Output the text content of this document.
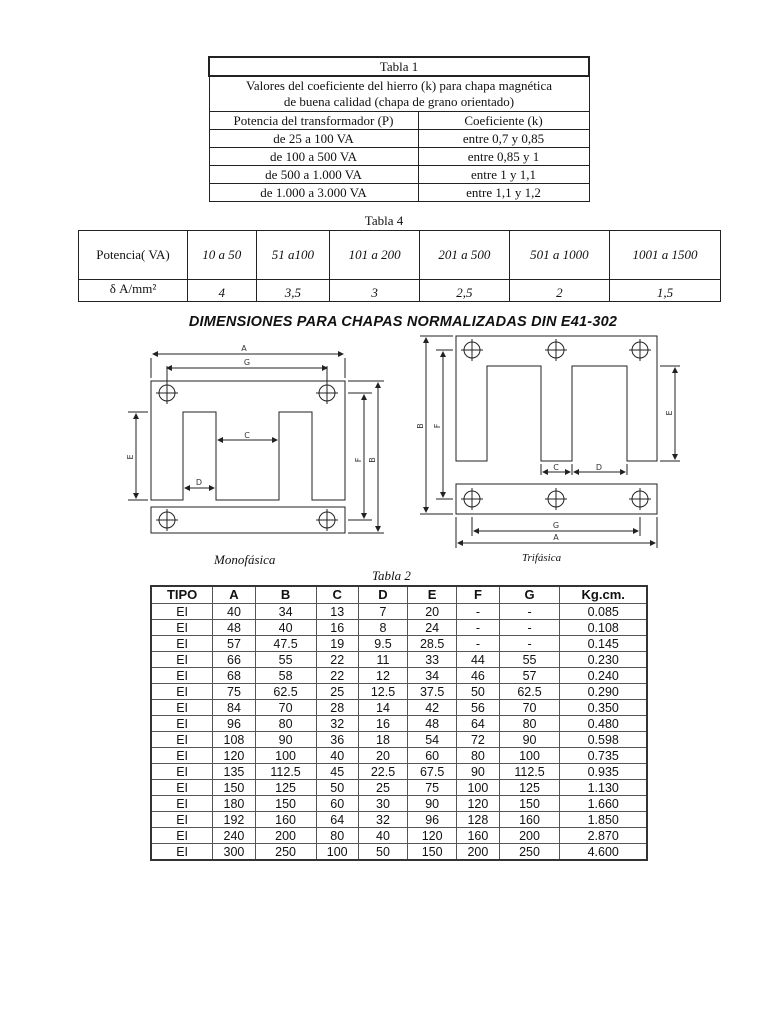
Tabla 1	

Valores del coeficiente del hierro (k) para chapa magnética
de buena calidad (chapa de grano orientado)	

Potencia del transformador (P)	Coeficiente (k)
de 25 a 100 VA	entre 0,7 y 0,85
de 100 a 500 VA	entre 0,85 y 1
de 500 a 1.000 VA	entre 1 y 1,1
de 1.000 a 3.000 VA	entre 1,1 y 1,2
Tabla 4
Potencia( VA)	10 a 50	51 a100	101 a 200	201 a 500	501 a 1000	1001 a 1500
δ A/mm²	4	3,5	3	2,5	2	1,5
DIMENSIONES PARA CHAPAS NORMALIZADAS DIN E41-302
A
G
C
D
E
F B
B F
E
C	D
G
A
Monofásica	Trifásica
Tabla 2
TIPO	A	B	C	D	E	F	G	Kg.cm.
EI	40	34	13	7	20	-	-	0.085
EI	48	40	16	8	24	-	-	0.108
EI	57	47.5	19	9.5	28.5	-	-	0.145
EI	66	55	22	11	33	44	55	0.230
EI	68	58	22	12	34	46	57	0.240
EI	75	62.5	25	12.5	37.5	50	62.5	0.290
EI	84	70	28	14	42	56	70	0.350
EI	96	80	32	16	48	64	80	0.480
EI	108	90	36	18	54	72	90	0.598
EI	120	100	40	20	60	80	100	0.735
EI	135	112.5	45	22.5	67.5	90	112.5	0.935
EI	150	125	50	25	75	100	125	1.130
EI	180	150	60	30	90	120	150	1.660
EI	192	160	64	32	96	128	160	1.850
EI	240	200	80	40	120	160	200	2.870
EI	300	250	100	50	150	200	250	4.600
